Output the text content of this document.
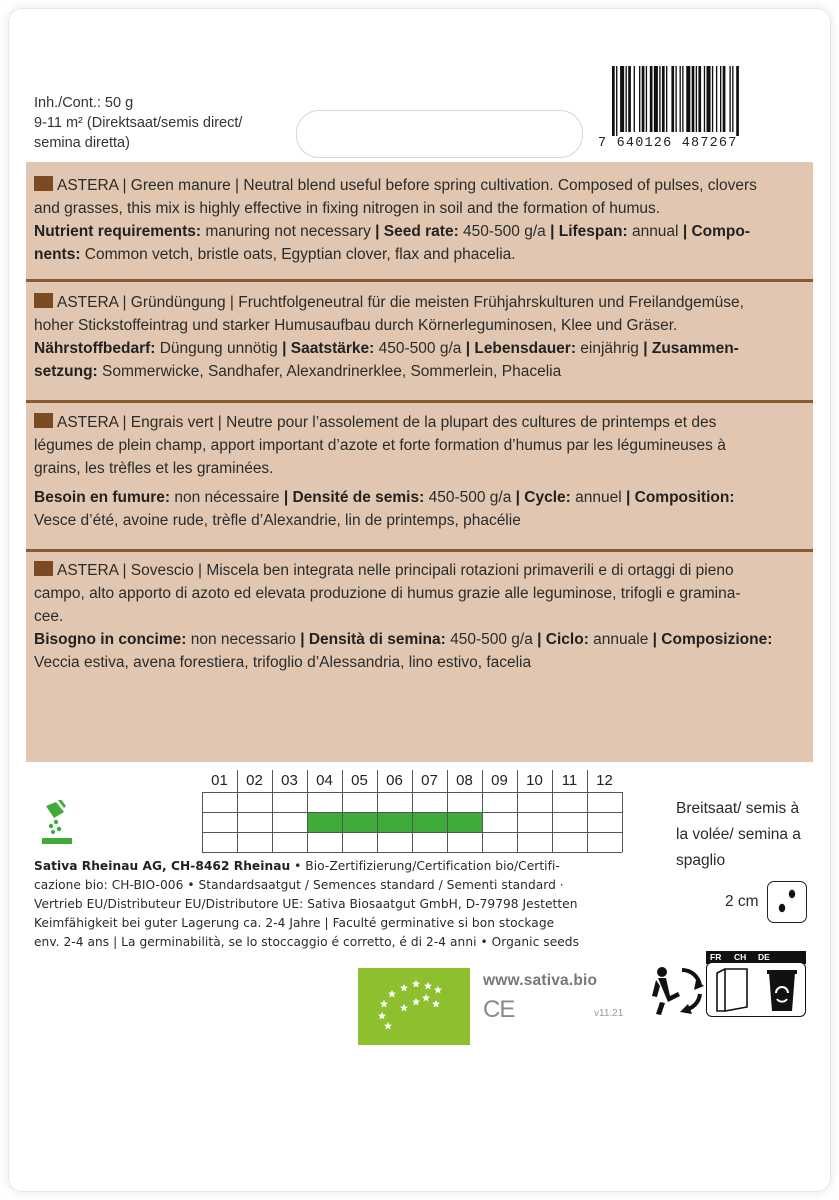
Inh./Cont.: 50 g
9-11 m² (Direktsaat/semis direct/
semina diretta)	7 640126 487267

ASTERA | Green manure | Neutral blend useful before spring cultivation. Composed of pulses, clovers

and grasses, this mix is highly effective in fixing nitrogen in soil and the formation of humus.

Nutrient requirements: manuring not necessary | Seed rate: 450-500 g/a | Lifespan: annual | Compo-

nents: Common vetch, bristle oats, Egyptian clover, flax and phacelia.

ASTERA | Gründüngung | Fruchtfolgeneutral für die meisten Frühjahrskulturen und Freilandgemüse,

hoher Stickstoffeintrag und starker Humusaufbau durch Körnerleguminosen, Klee und Gräser.

Nährstoffbedarf: Düngung unnötig | Saatstärke: 450-500 g/a | Lebensdauer: einjährig | Zusammen-

setzung: Sommerwicke, Sandhafer, Alexandrinerklee, Sommerlein, Phacelia

ASTERA | Engrais vert | Neutre pour l’assolement de la plupart des cultures de printemps et des

légumes de plein champ, apport important d’azote et forte formation d’humus par les légumineuses à

grains, les trèfles et les graminées.

Besoin en fumure: non nécessaire | Densité de semis: 450-500 g/a | Cycle: annuel | Composition:

Vesce d’été, avoine rude, trèfle d’Alexandrie, lin de printemps, phacélie

ASTERA | Sovescio | Miscela ben integrata nelle principali rotazioni primaverili e di ortaggi di pieno

campo, alto apporto di azoto ed elevata produzione di humus grazie alle leguminose, trifogli e gramina-

cee.

Bisogno in concime: non necessario | Densità di semina: 450-500 g/a | Ciclo: annuale | Composizione:

Veccia estiva, avena forestiera, trifoglio d’Alessandria, lino estivo, facelia

01	02	03	04	05	06	07	08	09	10	11	12
Sativa Rheinau AG, CH-8462 Rheinau • Bio-Zertifizierung/Certification bio/Certifi-
cazione bio: CH-BIO-006 • Standardsaatgut / Semences standard / Sementi standard ·
Vertrieb EU/Distributeur EU/Distributore UE: Sativa Biosaatgut GmbH, D-79798 Jestetten
Keimfähigkeit bei guter Lagerung ca. 2-4 Jahre | Faculté germinative si bon stockage
env. 2-4 ans | La germinabilità, se lo stoccaggio é corretto, é di 2-4 anni • Organic seeds
Breitsaat/ semis à
la volée/ semina a
spaglio
2 cm
www.sativa.bio
CE	v11.21
FR CH DE
